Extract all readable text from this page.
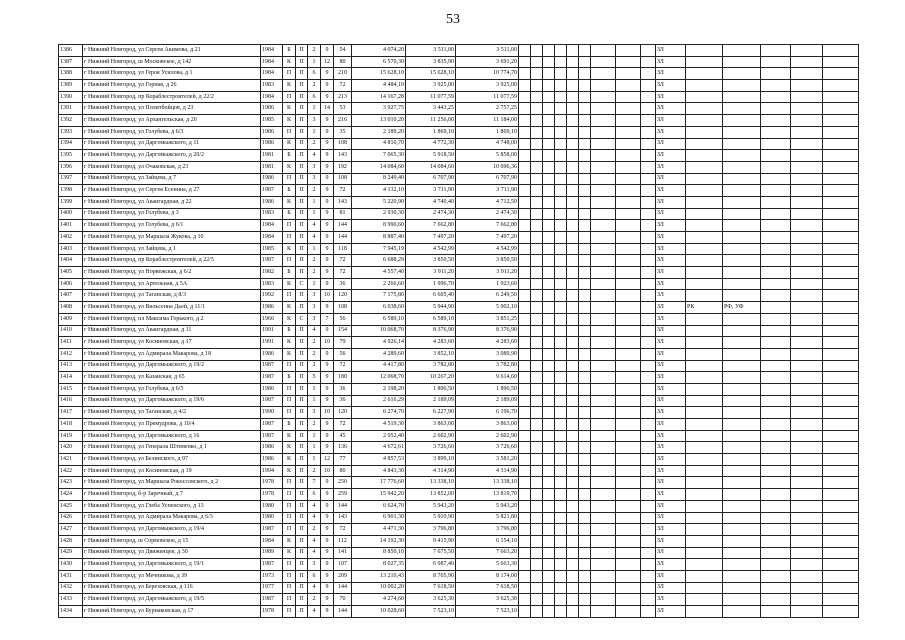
53
1386	г Нижний Новгород, ул Сергея Акимова, д 21	1984	Б	П	2	9	54	4 074,20	3 511,00	3 511,00										ЗЛ					
1387	г Нижний Новгород, ш Московское, д 142	1984	К	П	1	12	80	6 570,30	3 835,90	3 691,20										ЗЛ					
1388	г Нижний Новгород, ул Героя Усилова, д 1	1984	П	П	6	9	210	15 628,10	15 628,10	10 774,70										ЗЛ					
1389	г Нижний Новгород, ул Горная, д 26	1983	К	П	2	9	72	4 484,10	3 925,00	3 925,00										ЗЛ					
1390	г Нижний Новгород, пр Кораблестроителей, д 22/2	1984	П	П	6	9	213	14 167,28	11 077,59	11 077,59										ЗЛ					
1391	г Нижний Новгород, ул Политбойцов, д 23	1986	К	П	1	14	53	3 927,75	3 443,25	2 757,25										ЗЛ					
1392	г Нижний Новгород, ул Архангельская, д 20	1985	К	П	3	9	216	13 010,20	11 256,00	11 184,00										ЗЛ					
1393	г Нижний Новгород, ул Голубева, д 6/3	1986	П	П	1	9	35	2 189,20	1 869,10	1 869,10										ЗЛ					
1394	г Нижний Новгород, ул Даргомыжского, д 11	1986	К	П	2	9	108	4 810,70	4 772,30	4 748,00										ЗЛ					
1395	г Нижний Новгород, ул Даргомыжского, д 20/2	1981	Б	П	4	9	143	7 065,30	5 918,50	5 858,00										ЗЛ					
1396	г Нижний Новгород, ул Очаковская, д 23	1981	К	П	3	9	192	14 084,60	14 084,60	10 096,36										ЗЛ					
1397	г Нижний Новгород, ул Зайцева, д 7	1986	П	П	3	9	108	8 249,40	6 707,90	6 707,90										ЗЛ					
1398	г Нижний Новгород, ул Сергея Есенина, д 27	1987	Б	П	2	9	72	4 132,10	3 711,90	3 711,90										ЗЛ					
1399	г Нижний Новгород, ул Авангардная, д 22	1986	К	П	1	9	143	5 220,90	4 740,40	4 712,50										ЗЛ					
1400	г Нижний Новгород, ул Голубева, д 3	1983	Б	П	1	9	81	2 930,30	2 474,30	2 474,30										ЗЛ					
1401	г Нижний Новгород, ул Голубева, д 6/1	1984	П	П	4	9	144	8 990,60	7 662,80	7 662,80										ЗЛ					
1402	г Нижний Новгород, ул Маршала Жукова, д 10	1984	П	П	4	9	144	8 887,40	7 497,20	7 497,20										ЗЛ					
1403	г Нижний Новгород, ул Зайцева, д 1	1985	К	П	1	9	118	7 945,19	4 542,99	4 542,99										ЗЛ					
1404	г Нижний Новгород, пр Кораблестроителей, д 22/5	1987	П	П	2	9	72	6 688,29	3 850,50	3 850,50										ЗЛ					
1405	г Нижний Новгород, ул Норвежская, д 6/2	1982	Б	П	2	9	72	4 557,40	3 911,20	3 911,20										ЗЛ					
1406	г Нижний Новгород, ул Артельная, д 5А	1983	К	С	1	9	36	2 266,60	1 996,70	1 923,60										ЗЛ					
1407	г Нижний Новгород, ул Таганская, д 8/3	1992	П	П	3	10	120	7 175,80	6 605,40	6 249,50										ЗЛ					
1408	г Нижний Новгород, ул Вильсенна Дьей, д 11/1	1986	К	П	3	9	108	6 038,60	5 944,90	5 902,10										ЗЛ	РК	РФ, УФ			
1409	г Нижний Новгород, пл Максима Горького, д 2	1966	К	С	3	7	56	6 589,10	6 589,10	3 851,25										ЗЛ					
1410	г Нижний Новгород, ул Авангардная, д 11	1991	Б	П	4	9	154	10 068,70	8 376,90	8 376,90										ЗЛ					
1411	г Нижний Новгород, ул Косиновская, д 17	1991	К	П	2	10	79	4 926,14	4 283,60	4 283,60										ЗЛ					
1412	г Нижний Новгород, ул Адмирала Макарова, д 18	1986	К	П	2	9	56	4 289,60	3 852,10	3 089,90										ЗЛ					
1413	г Нижний Новгород, ул Даргомыжского, д 19/2	1987	П	П	2	9	72	4 417,80	3 782,80	3 782,80										ЗЛ					
1414	г Нижний Новгород, ул Казанская, д 65	1987	Б	П	5	9	180	12 068,70	10 267,20	9 614,60										ЗЛ					
1415	г Нижний Новгород, ул Голубева, д 6/5	1986	П	П	1	9	36	2 198,20	1 896,50	1 896,50										ЗЛ					
1416	г Нижний Новгород, ул Даргомыжского, д 19/6	1987	П	П	1	9	36	2 616,29	2 189,09	2 189,09										ЗЛ					
1417	г Нижний Новгород, ул Таганская, д 4/2	1990	П	П	3	10	120	6 274,70	6 227,90	6 196,70										ЗЛ					
1418	г Нижний Новгород, ул Премудрова, д 10/4	1987	Б	П	2	9	72	4 519,30	3 863,00	3 863,00										ЗЛ					
1419	г Нижний Новгород, ул Даргомыжского, д 16	1987	К	П	1	9	45	2 952,40	2 602,90	2 602,90										ЗЛ					
1420	г Нижний Новгород, ул Генерала Штеменко, д 1	1986	К	П	1	9	136	4 672,61	3 726,60	3 726,60										ЗЛ					
1421	г Нижний Новгород, ул Белинского, д 97	1986	К	П	1	12	77	4 857,53	3 899,10	3 581,20										ЗЛ					
1422	г Нижний Новгород, ул Косиновская, д 19	1994	К	П	2	10	80	4 843,30	4 314,90	4 314,90										ЗЛ					
1423	г Нижний Новгород, ул Маршала Рокоссовского, д 2	1978	П	П	7	9	250	17 776,60	13 338,10	13 338,10										ЗЛ					
1424	г Нижний Новгород, б-р Заречный, д 7	1978	П	П	6	9	259	15 942,20	13 852,00	13 819,70										ЗЛ					
1425	г Нижний Новгород, ул Глеба Успенского, д 13	1980	П	П	4	9	144	6 624,70	5 943,20	5 943,20										ЗЛ					
1426	г Нижний Новгород, ул Адмирала Макарова, д 6/3	1980	П	П	4	9	143	6 901,30	5 910,90	5 821,80										ЗЛ					
1427	г Нижний Новгород, ул Даргомыжского, д 19/4	1987	П	П	2	9	72	4 471,30	3 796,80	3 796,80										ЗЛ					
1428	г Нижний Новгород, ш Сормовское, д 15	1984	К	П	4	9	112	14 192,30	9 415,90	6 154,10										ЗЛ					
1429	г Нижний Новгород, ул Движенцев, д 30	1989	К	П	4	9	141	8 850,10	7 675,50	7 663,20										ЗЛ					
1430	г Нижний Новгород, ул Даргомыжского, д 19/1	1987	П	П	3	9	107	8 027,35	6 987,40	5 663,30										ЗЛ					
1431	г Нижний Новгород, ул Мечникова, д 39	1973	П	П	6	9	209	13 210,43	8 705,90	8 174,00										ЗЛ					
1432	г Нижний Новгород, ул Березовская, д 116	1977	П	П	4	9	144	10 002,20	7 618,50	7 618,50										ЗЛ					
1433	г Нижний Новгород, ул Даргомыжского, д 19/5	1987	П	П	2	9	70	4 274,60	3 625,30	3 625,30										ЗЛ					
1434	г Нижний Новгород, ул Бурнаковская, д 17	1978	П	П	4	9	144	10 028,60	7 523,10	7 523,10										ЗЛ					
